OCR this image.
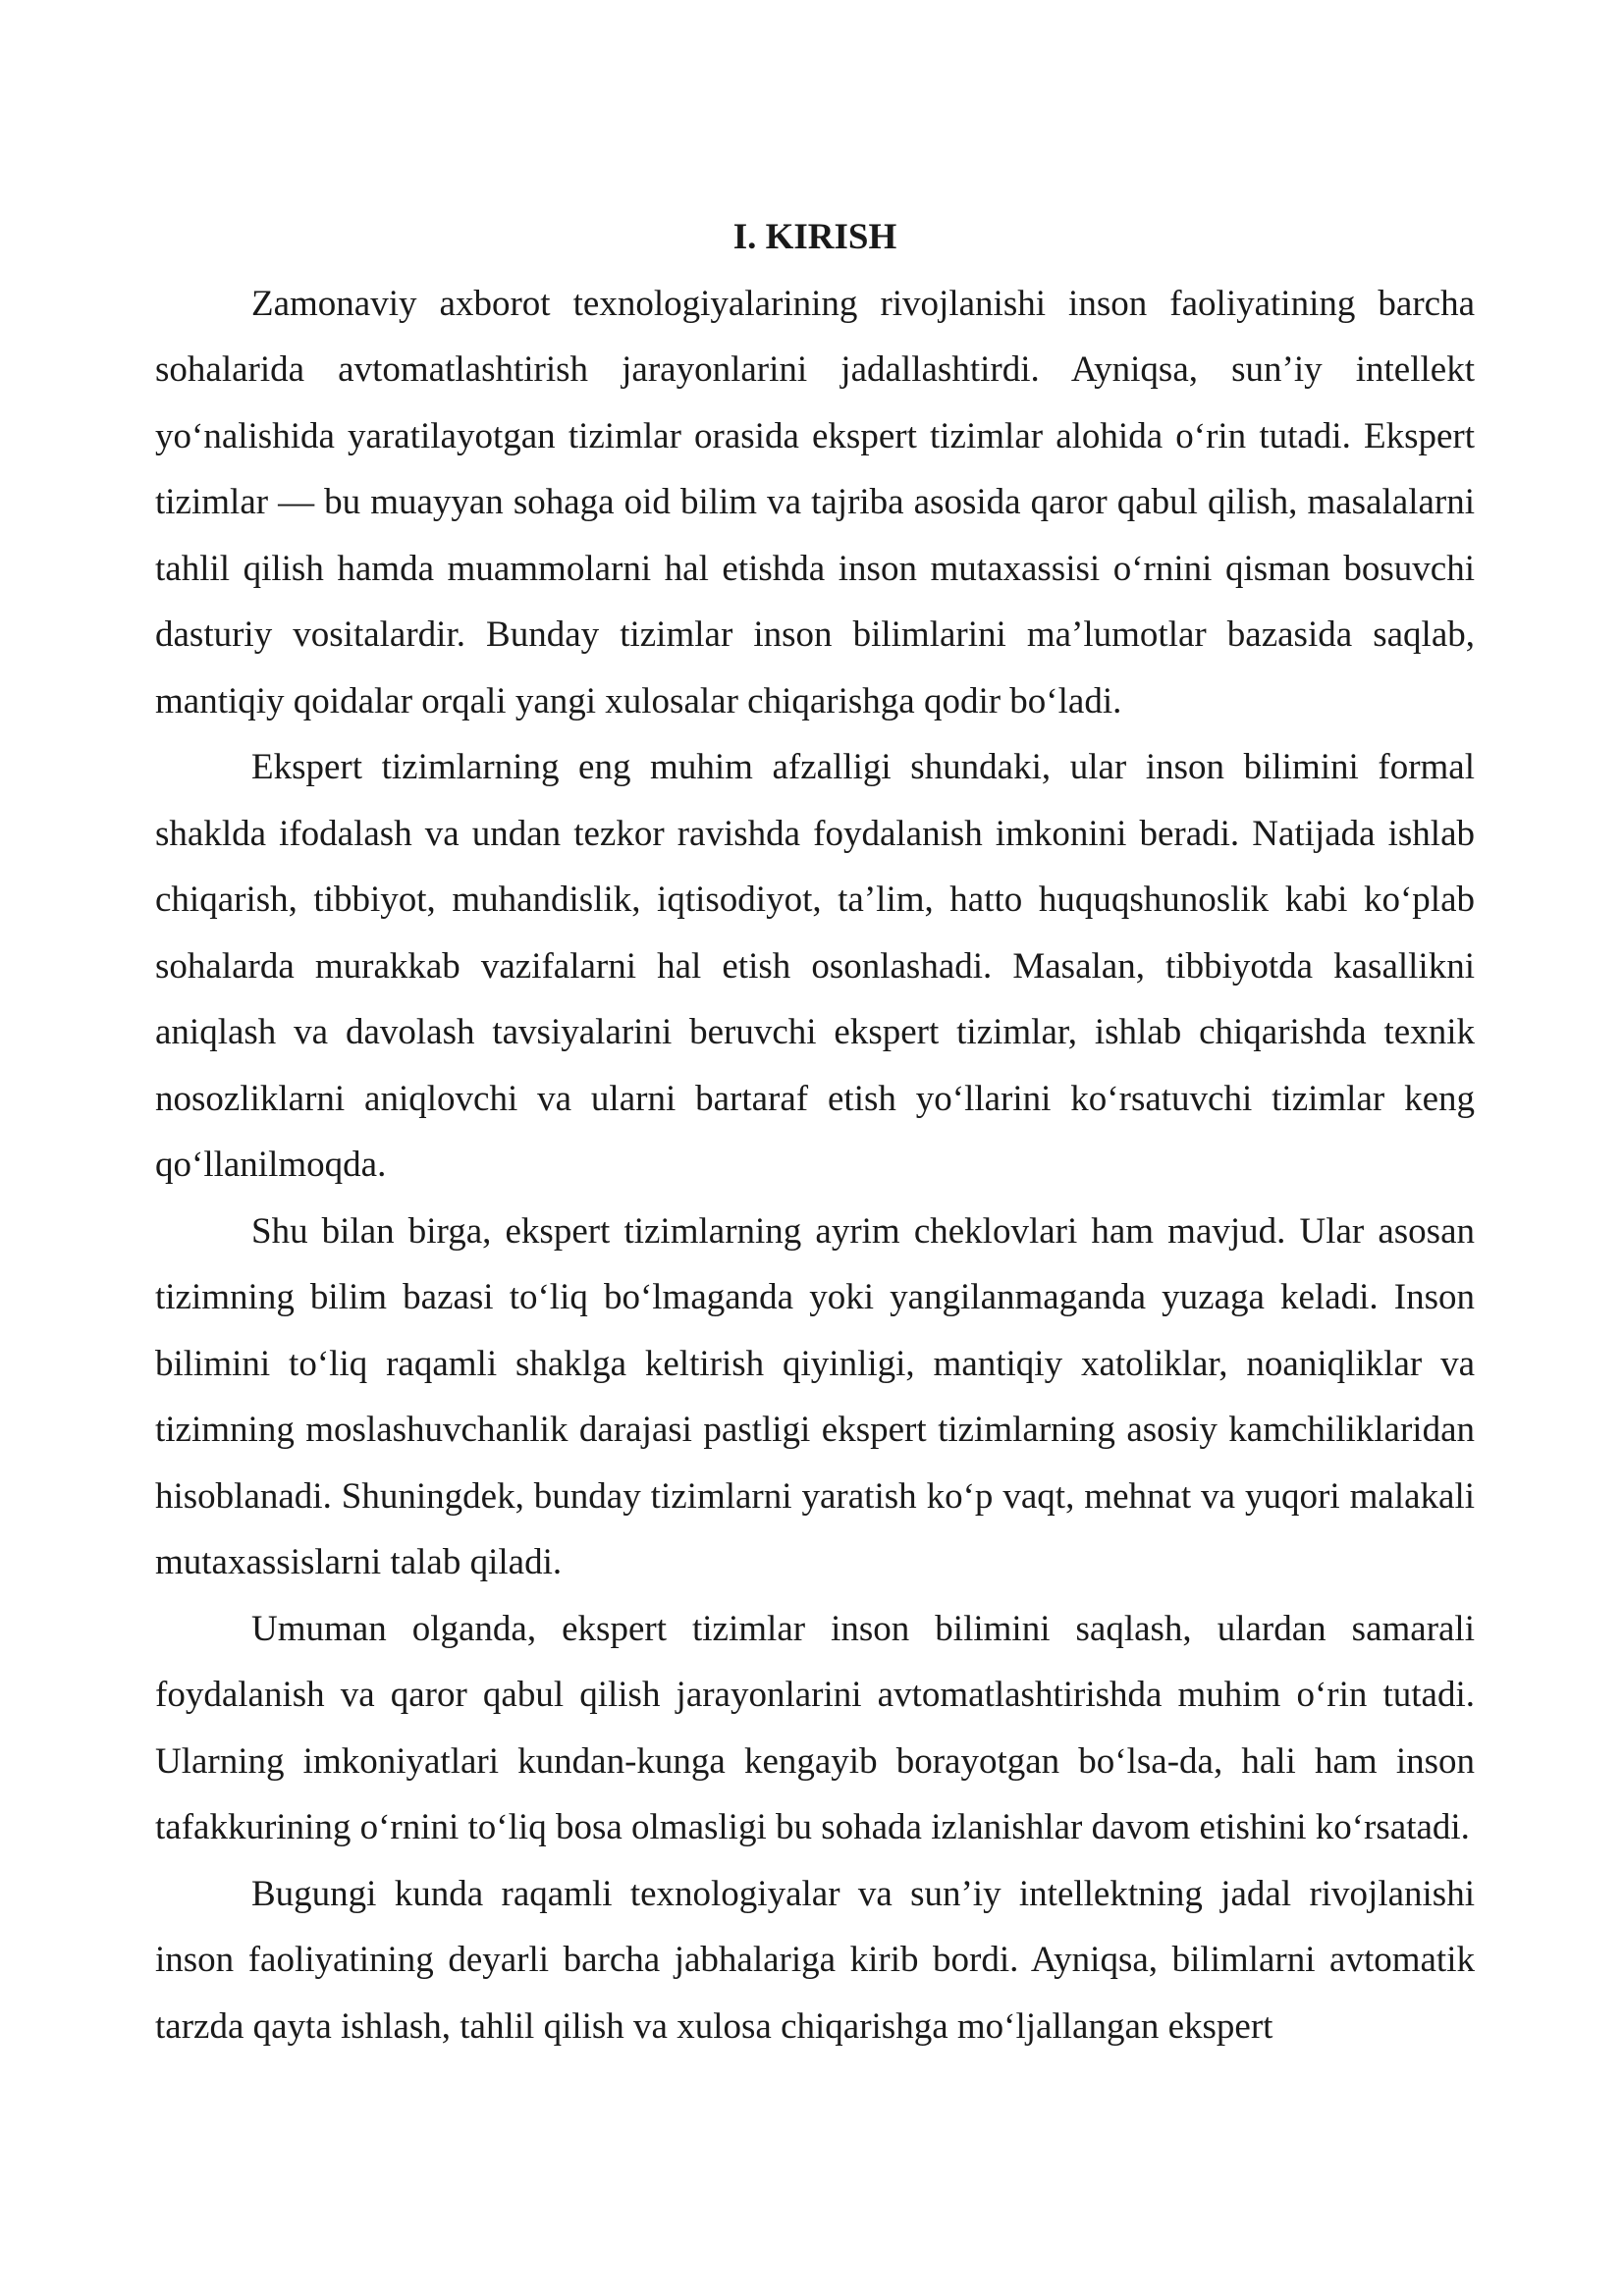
I. KIRISH

Zamonaviy axborot texnologiyalarining rivojlanishi inson faoliyatining barcha sohalarida avtomatlashtirish jarayonlarini jadallashtirdi. Ayniqsa, sun’iy intellekt yo‘nalishida yaratilayotgan tizimlar orasida ekspert tizimlar alohida o‘rin tutadi. Ekspert tizimlar — bu muayyan sohaga oid bilim va tajriba asosida qaror qabul qilish, masalalarni tahlil qilish hamda muammolarni hal etishda inson mutaxassisi o‘rnini qisman bosuvchi dasturiy vositalardir. Bunday tizimlar inson bilimlarini ma’lumotlar bazasida saqlab, mantiqiy qoidalar orqali yangi xulosalar chiqarishga qodir bo‘ladi.

Ekspert tizimlarning eng muhim afzalligi shundaki, ular inson bilimini formal shaklda ifodalash va undan tezkor ravishda foydalanish imkonini beradi. Natijada ishlab chiqarish, tibbiyot, muhandislik, iqtisodiyot, ta’lim, hatto huquqshunoslik kabi ko‘plab sohalarda murakkab vazifalarni hal etish osonlashadi. Masalan, tibbiyotda kasallikni aniqlash va davolash tavsiyalarini beruvchi ekspert tizimlar, ishlab chiqarishda texnik nosozliklarni aniqlovchi va ularni bartaraf etish yo‘llarini ko‘rsatuvchi tizimlar keng qo‘llanilmoqda.

Shu bilan birga, ekspert tizimlarning ayrim cheklovlari ham mavjud. Ular asosan tizimning bilim bazasi to‘liq bo‘lmaganda yoki yangilanmaganda yuzaga keladi. Inson bilimini to‘liq raqamli shaklga keltirish qiyinligi, mantiqiy xatoliklar, noaniqliklar va tizimning moslashuvchanlik darajasi pastligi ekspert tizimlarning asosiy kamchiliklaridan hisoblanadi. Shuningdek, bunday tizimlarni yaratish ko‘p vaqt, mehnat va yuqori malakali mutaxassislarni talab qiladi.

Umuman olganda, ekspert tizimlar inson bilimini saqlash, ulardan samarali foydalanish va qaror qabul qilish jarayonlarini avtomatlashtirishda muhim o‘rin tutadi. Ularning imkoniyatlari kundan-kunga kengayib borayotgan bo‘lsa-da, hali ham inson tafakkurining o‘rnini to‘liq bosa olmasligi bu sohada izlanishlar davom etishini ko‘rsatadi.

Bugungi kunda raqamli texnologiyalar va sun’iy intellektning jadal rivojlanishi inson faoliyatining deyarli barcha jabhalariga kirib bordi. Ayniqsa, bilimlarni avtomatik tarzda qayta ishlash, tahlil qilish va xulosa chiqarishga mo‘ljallangan ekspert
